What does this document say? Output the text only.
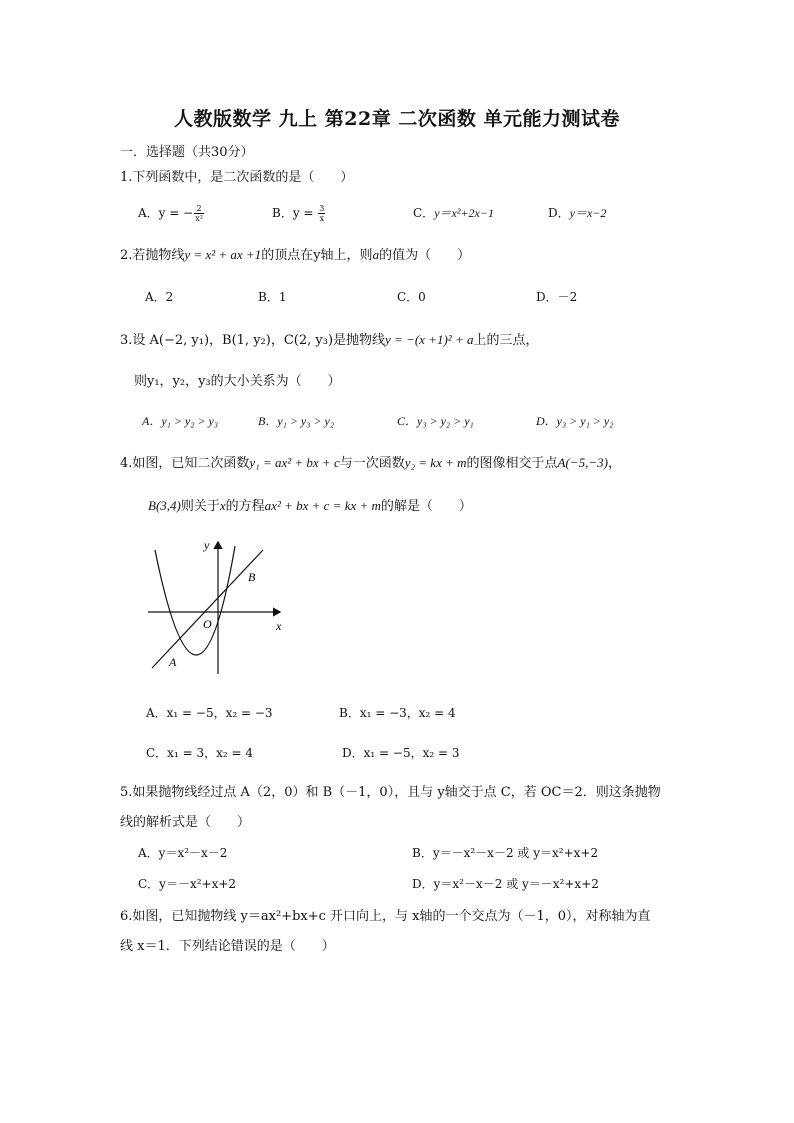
人教版数学 九上 第22章 二次函数 单元能力测试卷
一．选择题（共30分）
1.下列函数中，是二次函数的是（　　）
A．y = − $\frac{2}{\text{x²}}$	B．$y = \frac{3}{x}$	C．y＝x²+2x−1	D．y＝x−2
2.若抛物线y = x² + ax +1的顶点在y轴上，则a的值为（　　）
A．2	B．1	C．0	D．－2
3.设 A(−2, y₁)，B(1, y₂)，C(2, y₃)是抛物线y = −(x +1)² + a上的三点，
则y₁，y₂，y₃的大小关系为（　　）
A．y₁ > y₂ > y₃	B．y₁ > y₃ > y₂	C．y₃ > y₂ > y₁	D．y₃ > y₁ > y₂
4.如图，已知二次函数y₁ = ax² + bx + c与一次函数y₂ = kx + m的图像相交于点A(−5,−3)，
B(3,4)则关于x的方程ax² + bx + c = kx + m的解是（　　）
y
x
O
A
B
A．x₁ = −5，x₂ = −3	B．x₁ = −3，x₂ = 4
C．x₁ = 3，x₂ = 4	D．x₁ = −5，x₂ = 3
5.如果抛物线经过点 A（2，0）和 B（－1，0），且与 y轴交于点 C，若 OC＝2．则这条抛物
线的解析式是（　　）
A．y＝x²－x－2	B．y＝－x²－x－2 或 y＝x²+x+2
C．y＝－x²+x+2	D．y＝x²－x－2 或 y＝－x²+x+2
6.如图，已知抛物线 y＝ax²+bx+c 开口向上，与 x轴的一个交点为（－1，0），对称轴为直
线 x＝1．下列结论错误的是（　　）
